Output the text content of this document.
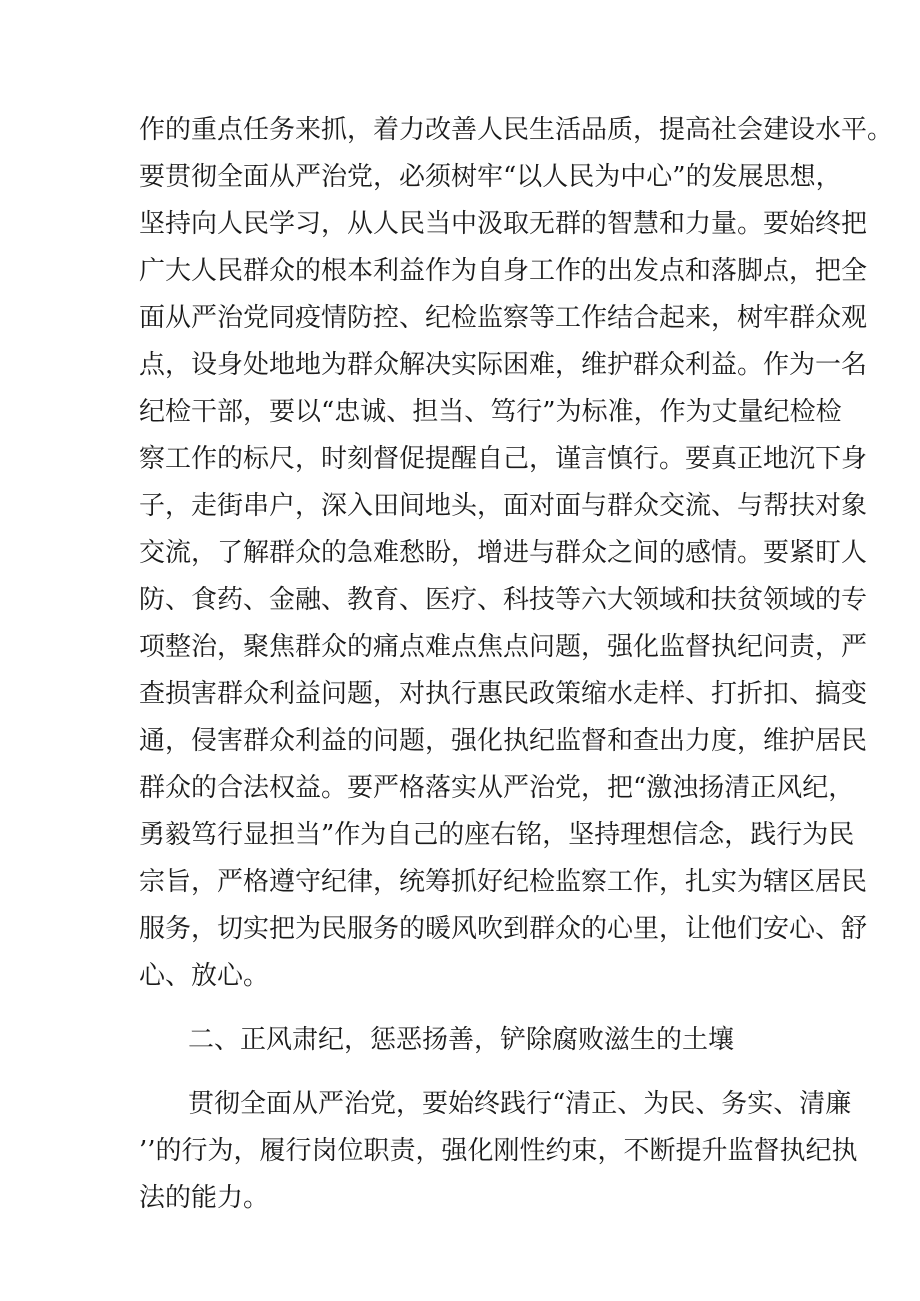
作的重点任务来抓，着力改善人民生活品质，提高社会建设水平。
要贯彻全面从严治党，必须树牢“以人民为中心”的发展思想，
坚持向人民学习，从人民当中汲取无群的智慧和力量。要始终把
广大人民群众的根本利益作为自身工作的出发点和落脚点，把全
面从严治党同疫情防控、纪检监察等工作结合起来，树牢群众观
点，设身处地地为群众解决实际困难，维护群众利益。作为一名
纪检干部，要以“忠诚、担当、笃行”为标准，作为丈量纪检检
察工作的标尺，时刻督促提醒自己，谨言慎行。要真正地沉下身
子，走街串户，深入田间地头，面对面与群众交流、与帮扶对象
交流，了解群众的急难愁盼，增进与群众之间的感情。要紧盯人
防、食药、金融、教育、医疗、科技等六大领域和扶贫领域的专
项整治，聚焦群众的痛点难点焦点问题，强化监督执纪问责，严
查损害群众利益问题，对执行惠民政策缩水走样、打折扣、搞变
通，侵害群众利益的问题，强化执纪监督和查出力度，维护居民
群众的合法权益。要严格落实从严治党，把“激浊扬清正风纪，
勇毅笃行显担当”作为自己的座右铭，坚持理想信念，践行为民
宗旨，严格遵守纪律，统筹抓好纪检监察工作，扎实为辖区居民
服务，切实把为民服务的暖风吹到群众的心里，让他们安心、舒
心、放心。
二、正风肃纪，惩恶扬善，铲除腐败滋生的土壤
贯彻全面从严治党，要始终践行“清正、为民、务实、清廉
’’的行为，履行岗位职责，强化刚性约束，不断提升监督执纪执
法的能力。
